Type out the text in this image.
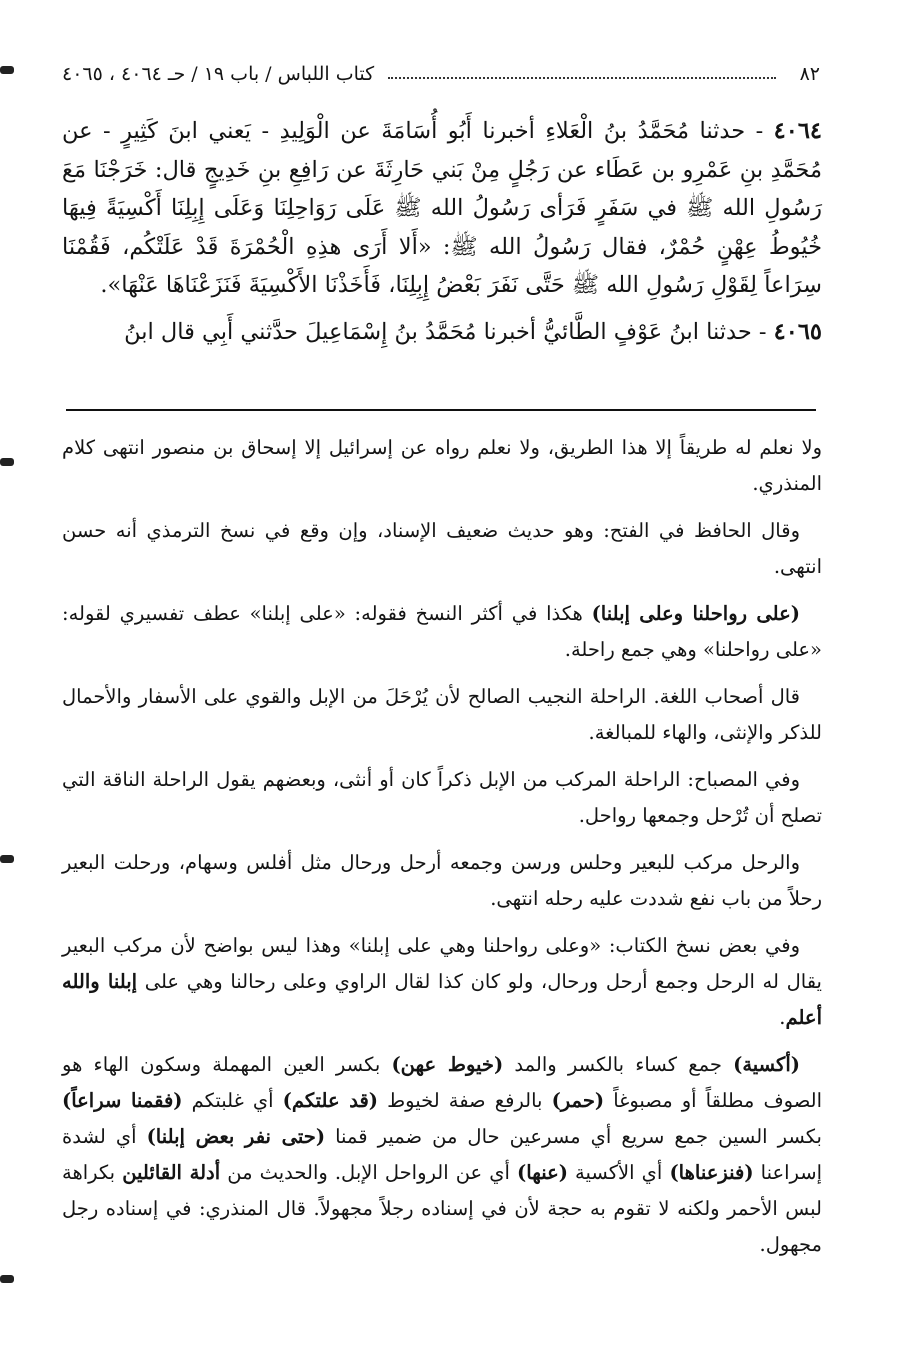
٨٢
كتاب اللباس / باب ١٩ / حـ ٤٠٦٤ ، ٤٠٦٥

٤٠٦٤ - حدثنا مُحَمَّدُ بنُ الْعَلاءِ أخبرنا أَبُو أُسَامَةَ عن الْوَلِيدِ - يَعني ابنَ كَثِيرٍ - عن مُحَمَّدِ بنِ عَمْرِو بن عَطَاء عن رَجُلٍ مِنْ بَني حَارِثَةَ عن رَافِعِ بنِ خَدِيجٍ قال: خَرَجْنَا مَعَ رَسُولِ الله ﷺ في سَفَرٍ فَرَأى رَسُولُ الله ﷺ عَلَى رَوَاحِلِنَا وَعَلَى إِبِلِنَا أَكْسِيَةً فِيهَا خُيُوطُ عِهْنٍ حُمْرٌ، فقال رَسُولُ الله ﷺ: «أَلا أَرَى هذِهِ الْحُمْرَةَ قَدْ عَلَتْكُم، فَقُمْنَا سِرَاعاً لِقَوْلِ رَسُولِ الله ﷺ حَتَّى نَفَرَ بَعْضُ إِبِلِنَا، فَأَخَذْنَا الأَكْسِيَةَ فَنَزَعْنَاهَا عَنْهَا».

٤٠٦٥ - حدثنا ابنُ عَوْفٍ الطَّائيُّ أخبرنا مُحَمَّدُ بنُ إِسْمَاعِيلَ حدَّثني أَبِي قال ابنُ

ولا نعلم له طريقاً إلا هذا الطريق، ولا نعلم رواه عن إسرائيل إلا إسحاق بن منصور انتهى كلام المنذري.

وقال الحافظ في الفتح: وهو حديث ضعيف الإسناد، وإن وقع في نسخ الترمذي أنه حسن انتهى.

(على رواحلنا وعلى إبلنا) هكذا في أكثر النسخ فقوله: «على إبلنا» عطف تفسيري لقوله: «على رواحلنا» وهي جمع راحلة.

قال أصحاب اللغة. الراحلة النجيب الصالح لأن يُرْحَلَ من الإبل والقوي على الأسفار والأحمال للذكر والإنثى، والهاء للمبالغة.

وفي المصباح: الراحلة المركب من الإبل ذكراً كان أو أنثى، وبعضهم يقول الراحلة الناقة التي تصلح أن تُرْحل وجمعها رواحل.

والرحل مركب للبعير وحلس ورسن وجمعه أرحل ورحال مثل أفلس وسهام، ورحلت البعير رحلاً من باب نفع شددت عليه رحله انتهى.

وفي بعض نسخ الكتاب: «وعلى رواحلنا وهي على إبلنا» وهذا ليس بواضح لأن مركب البعير يقال له الرحل وجمع أرحل ورحال، ولو كان كذا لقال الراوي وعلى رحالنا وهي على إبلنا والله أعلم.

(أكسية) جمع كساء بالكسر والمد (خيوط عهن) بكسر العين المهملة وسكون الهاء هو الصوف مطلقاً أو مصبوغاً (حمر) بالرفع صفة لخيوط (قد علتكم) أي غلبتكم (فقمنا سراعاً) بكسر السين جمع سريع أي مسرعين حال من ضمير قمنا (حتى نفر بعض إبلنا) أي لشدة إسراعنا (فنزعناها) أي الأكسية (عنها) أي عن الرواحل الإبل. والحديث من أدلة القائلين بكراهة لبس الأحمر ولكنه لا تقوم به حجة لأن في إسناده رجلاً مجهولاً. قال المنذري: في إسناده رجل مجهول.
